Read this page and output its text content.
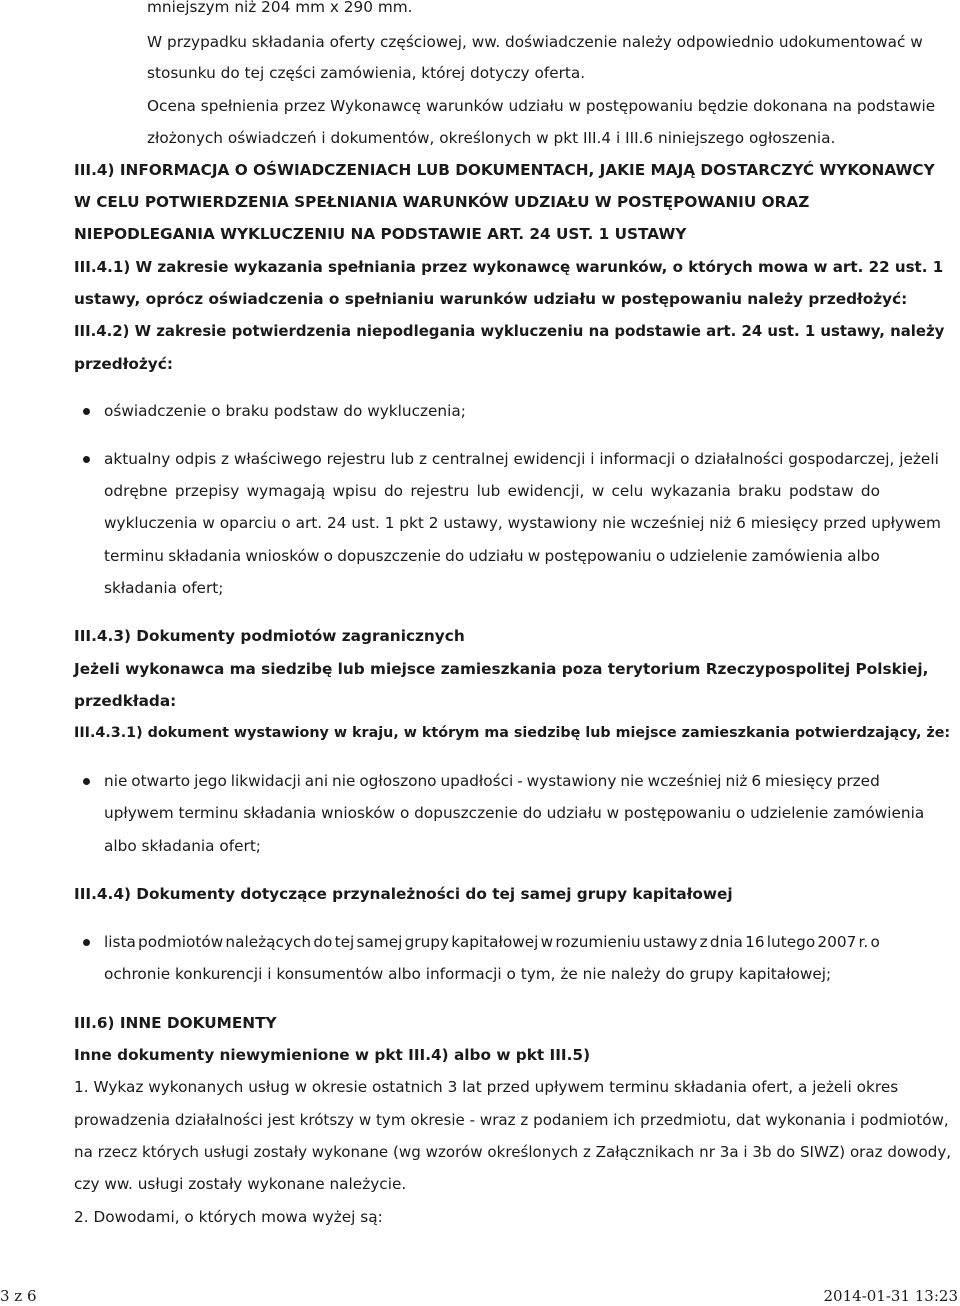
mniejszym niż 204 mm x 290 mm.
W przypadku składania oferty częściowej, ww. doświadczenie należy odpowiednio udokumentować w
stosunku do tej części zamówienia, której dotyczy oferta.
Ocena spełnienia przez Wykonawcę warunków udziału w postępowaniu będzie dokonana na podstawie
złożonych oświadczeń i dokumentów, określonych w pkt III.4 i III.6 niniejszego ogłoszenia.
III.4) INFORMACJA O OŚWIADCZENIACH LUB DOKUMENTACH, JAKIE MAJĄ DOSTARCZYĆ WYKONAWCY
W CELU POTWIERDZENIA SPEŁNIANIA WARUNKÓW UDZIAŁU W POSTĘPOWANIU ORAZ
NIEPODLEGANIA WYKLUCZENIU NA PODSTAWIE ART. 24 UST. 1 USTAWY
III.4.1) W zakresie wykazania spełniania przez wykonawcę warunków, o których mowa w art. 22 ust. 1
ustawy, oprócz oświadczenia o spełnianiu warunków udziału w postępowaniu należy przedłożyć:
III.4.2) W zakresie potwierdzenia niepodlegania wykluczeniu na podstawie art. 24 ust. 1 ustawy, należy
przedłożyć:
oświadczenie o braku podstaw do wykluczenia;
aktualny odpis z właściwego rejestru lub z centralnej ewidencji i informacji o działalności gospodarczej, jeżeli
odrębne przepisy wymagają wpisu do rejestru lub ewidencji, w celu wykazania braku podstaw do
wykluczenia w oparciu o art. 24 ust. 1 pkt 2 ustawy, wystawiony nie wcześniej niż 6 miesięcy przed upływem
terminu składania wniosków o dopuszczenie do udziału w postępowaniu o udzielenie zamówienia albo
składania ofert;
III.4.3) Dokumenty podmiotów zagranicznych
Jeżeli wykonawca ma siedzibę lub miejsce zamieszkania poza terytorium Rzeczypospolitej Polskiej,
przedkłada:
III.4.3.1) dokument wystawiony w kraju, w którym ma siedzibę lub miejsce zamieszkania potwierdzający, że:
nie otwarto jego likwidacji ani nie ogłoszono upadłości - wystawiony nie wcześniej niż 6 miesięcy przed
upływem terminu składania wniosków o dopuszczenie do udziału w postępowaniu o udzielenie zamówienia
albo składania ofert;
III.4.4) Dokumenty dotyczące przynależności do tej samej grupy kapitałowej
lista podmiotów należących do tej samej grupy kapitałowej w rozumieniu ustawy z dnia 16 lutego 2007 r. o
ochronie konkurencji i konsumentów albo informacji o tym, że nie należy do grupy kapitałowej;
III.6) INNE DOKUMENTY
Inne dokumenty niewymienione w pkt III.4) albo w pkt III.5)
1. Wykaz wykonanych usług w okresie ostatnich 3 lat przed upływem terminu składania ofert, a jeżeli okres
prowadzenia działalności jest krótszy w tym okresie - wraz z podaniem ich przedmiotu, dat wykonania i podmiotów,
na rzecz których usługi zostały wykonane (wg wzorów określonych z Załącznikach nr 3a i 3b do SIWZ) oraz dowody,
czy ww. usługi zostały wykonane należycie.
2. Dowodami, o których mowa wyżej są:
3 z 6	2014-01-31 13:23
